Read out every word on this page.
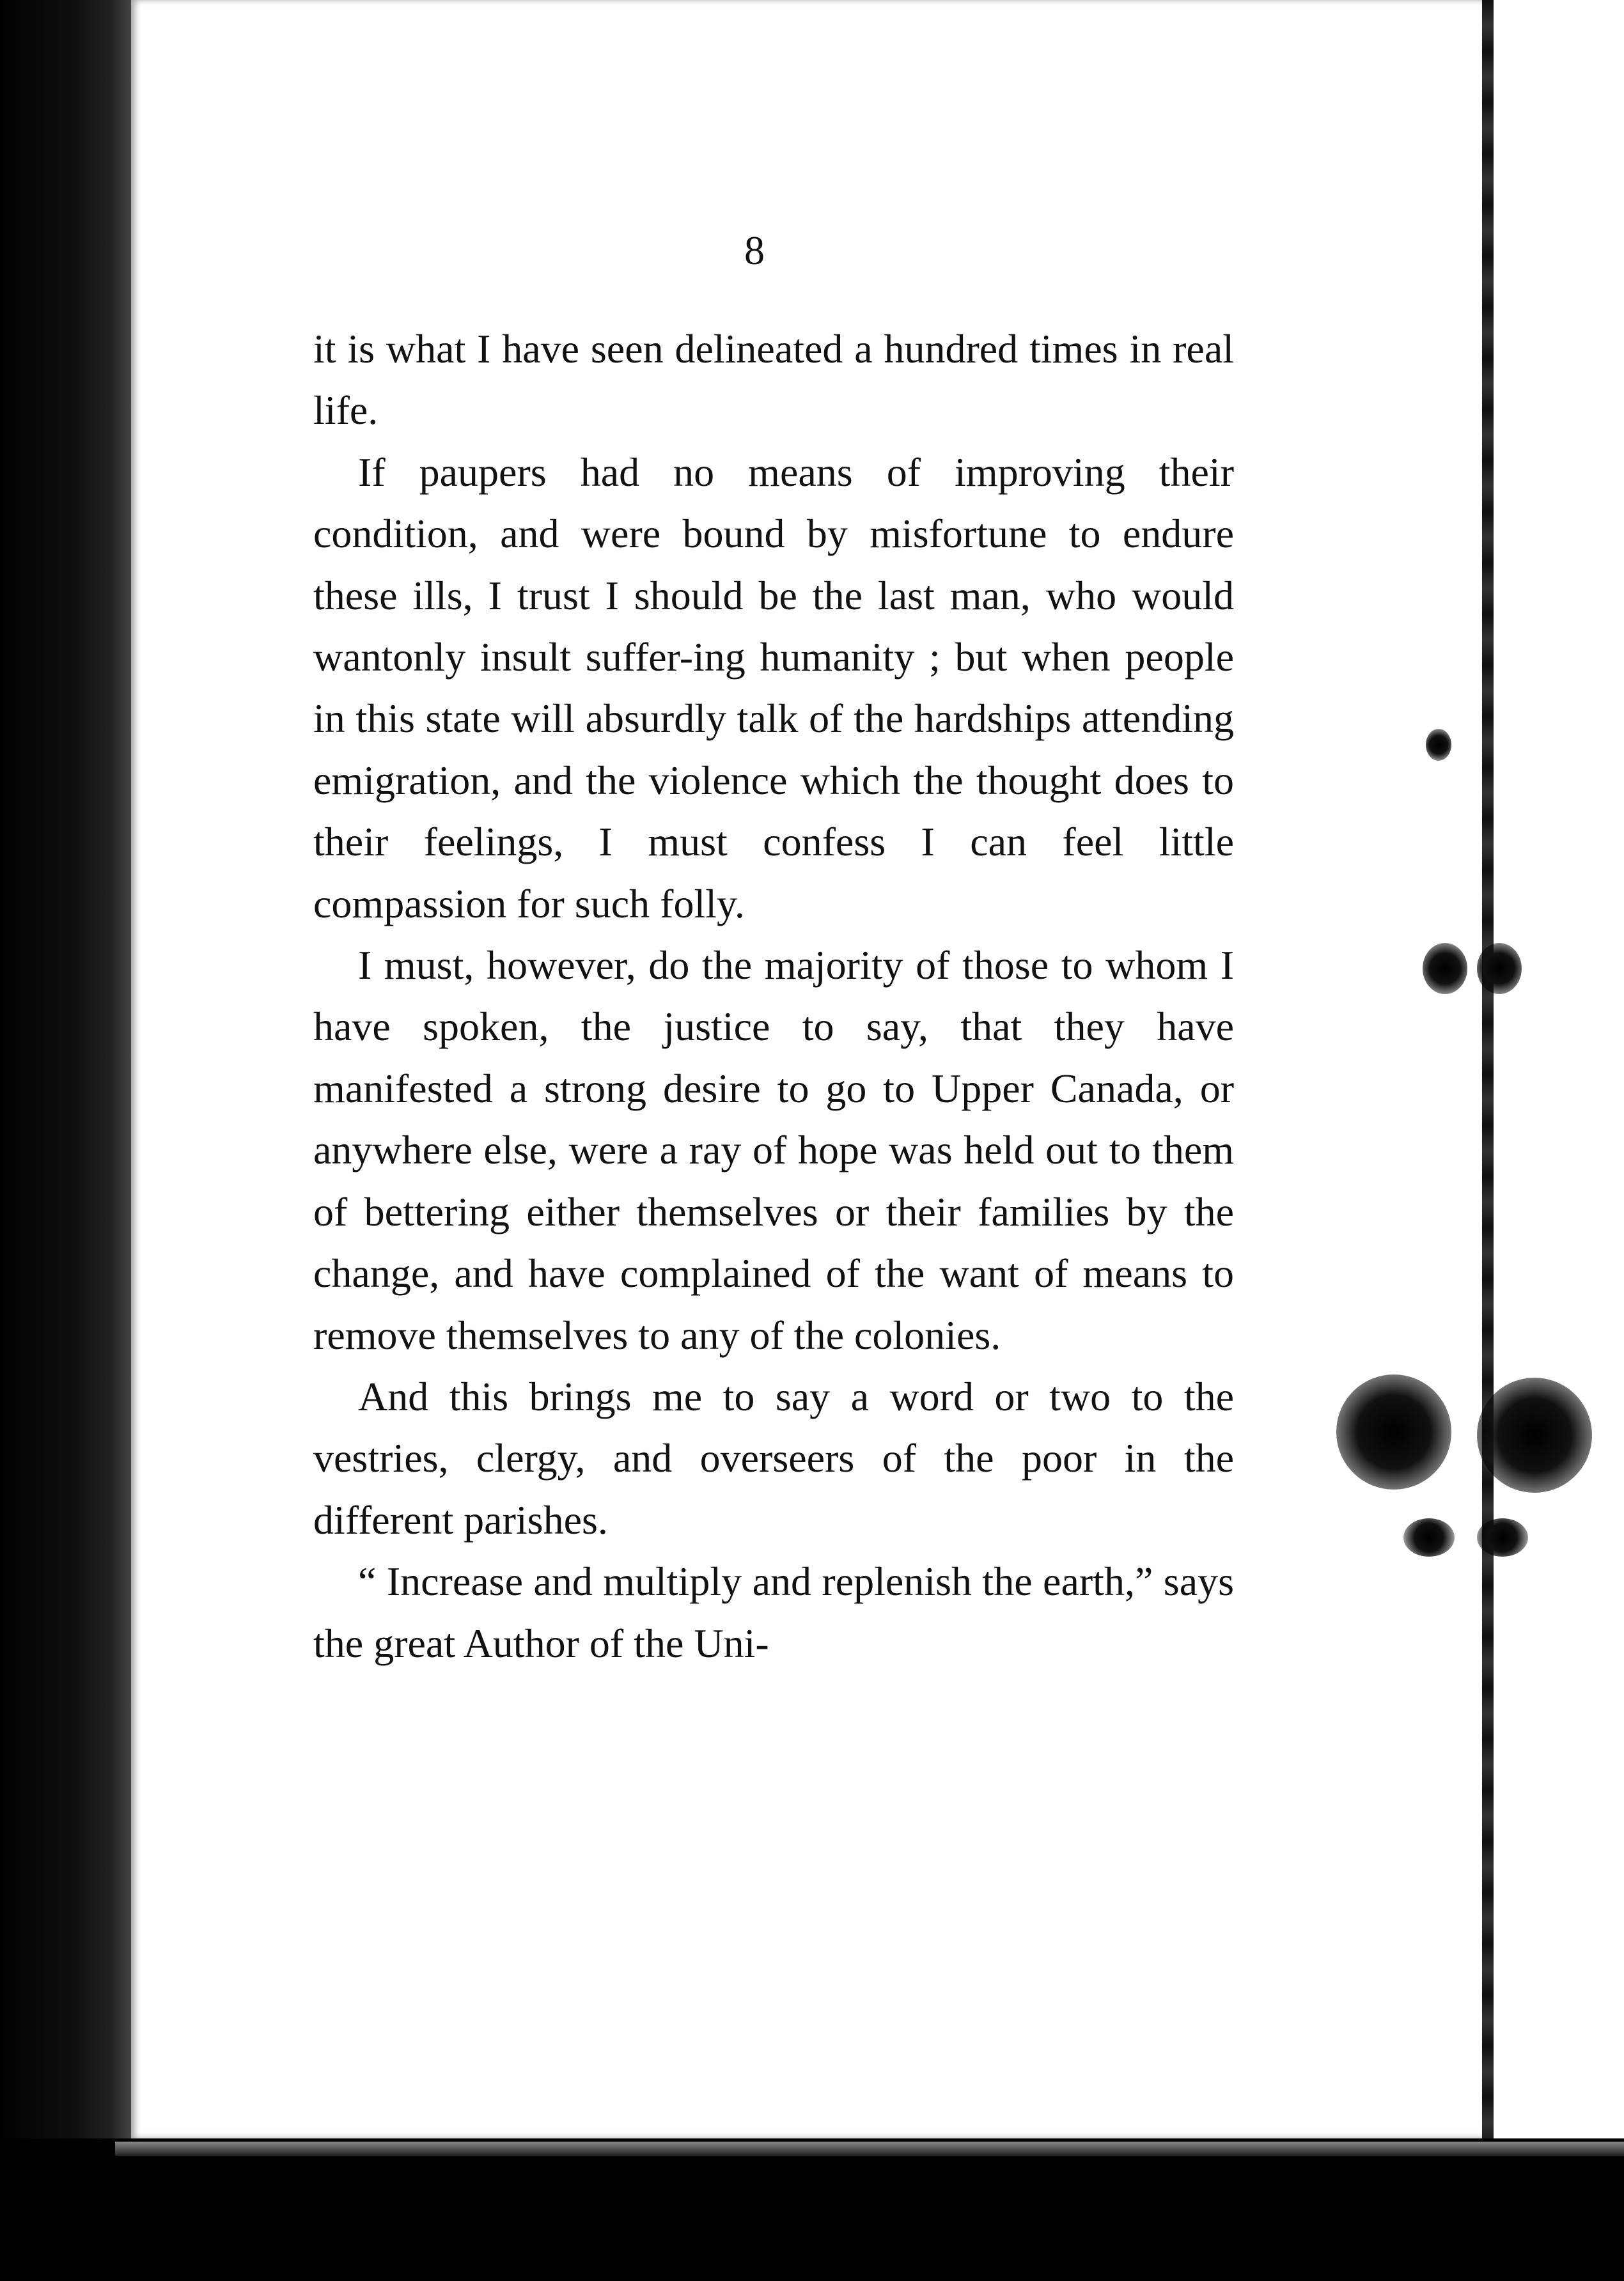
8

it is what I have seen delineated a hundred times in real life.

If paupers had no means of improving their condition, and were bound by misfortune to endure these ills, I trust I should be the last man, who would wantonly insult suffer-ing humanity ; but when people in this state will absurdly talk of the hardships attending emigration, and the violence which the thought does to their feelings, I must confess I can feel little compassion for such folly.

I must, however, do the majority of those to whom I have spoken, the justice to say, that they have manifested a strong desire to go to Upper Canada, or anywhere else, were a ray of hope was held out to them of bettering either themselves or their families by the change, and have complained of the want of means to remove themselves to any of the colonies.

And this brings me to say a word or two to the vestries, clergy, and overseers of the poor in the different parishes.

“ Increase and multiply and replenish the earth,” says the great Author of the Uni-
